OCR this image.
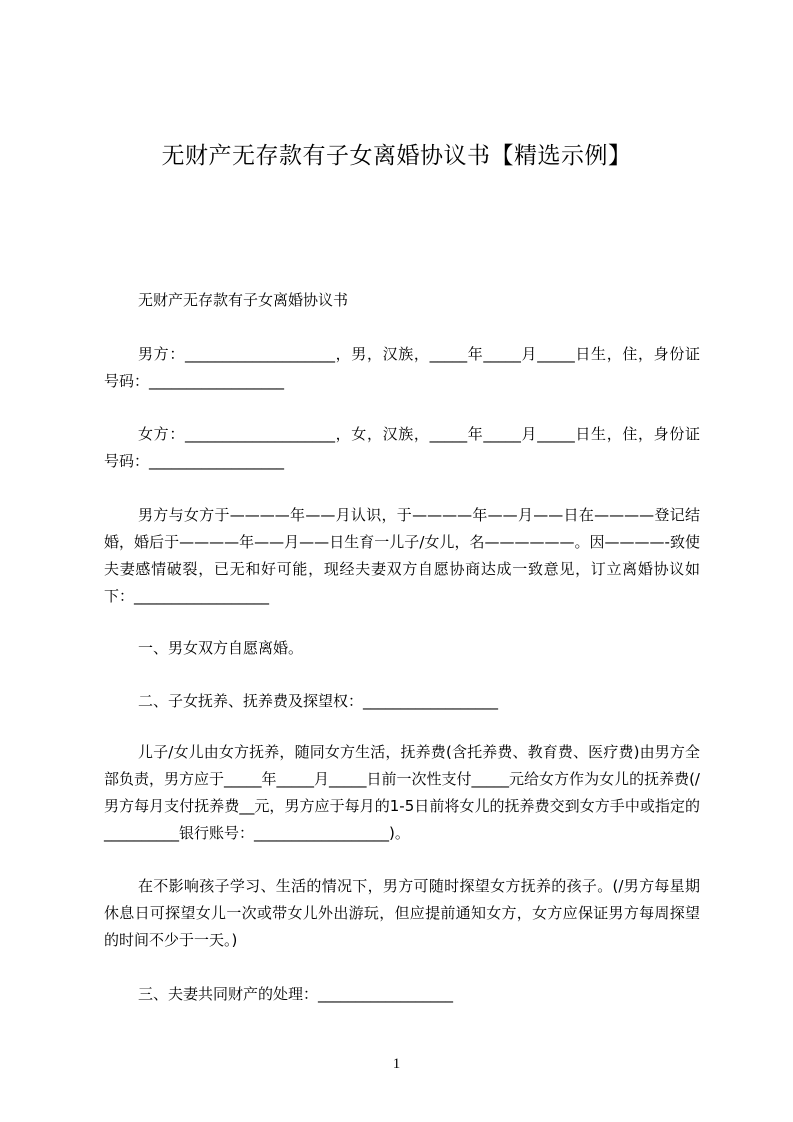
无财产无存款有子女离婚协议书【精选示例】

无财产无存款有子女离婚协议书

男方：____________________，男，汉族，_____年_____月_____日生，住，身份证号码：__________________

女方：____________________，女，汉族，_____年_____月_____日生，住，身份证号码：__________________

男方与女方于————年——月认识，于————年——月——日在————登记结婚，婚后于————年——月——日生育一儿子/女儿，名——————。因————-致使夫妻感情破裂，已无和好可能，现经夫妻双方自愿协商达成一致意见，订立离婚协议如下：__________________

一、男女双方自愿离婚。

二、子女抚养、抚养费及探望权：__________________

儿子/女儿由女方抚养，随同女方生活，抚养费(含托养费、教育费、医疗费)由男方全部负责，男方应于_____年_____月_____日前一次性支付_____元给女方作为女儿的抚养费(/男方每月支付抚养费__元，男方应于每月的1-5日前将女儿的抚养费交到女方手中或指定的__________银行账号：__________________)。

在不影响孩子学习、生活的情况下，男方可随时探望女方抚养的孩子。(/男方每星期休息日可探望女儿一次或带女儿外出游玩，但应提前通知女方，女方应保证男方每周探望的时间不少于一天。)

三、夫妻共同财产的处理：__________________

1
